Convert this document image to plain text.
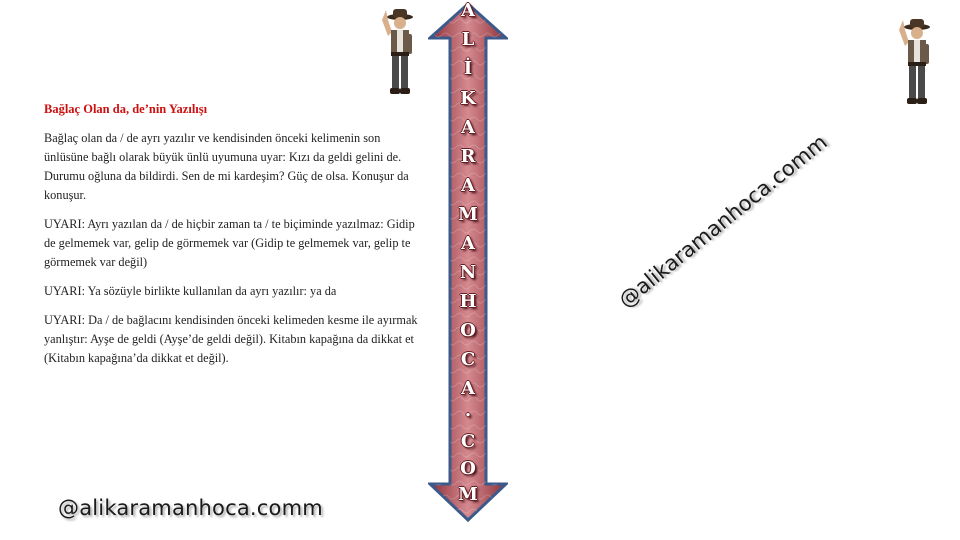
Bağlaç Olan da, de’nin Yazılışı

Bağlaç olan da / de ayrı yazılır ve kendisinden önceki kelimenin son ünlüsüne bağlı olarak büyük ünlü uyumuna uyar: Kızı da geldi gelini de. Durumu oğluna da bildirdi. Sen de mi kardeşim? Güç de olsa. Konuşur da konuşur.

UYARI: Ayrı yazılan da / de hiçbir zaman ta / te biçiminde yazılmaz: Gidip de gelmemek var, gelip de görmemek var (Gidip te gelmemek var, gelip te görmemek var değil)

UYARI: Ya sözüyle birlikte kullanılan da ayrı yazılır: ya da

UYARI: Da / de bağlacını kendisinden önceki kelimeden kesme ile ayırmak yanlıştır: Ayşe de geldi (Ayşe’de geldi değil). Kitabın kapağına da dikkat et (Kitabın kapağına’da dikkat et değil).

A
L
İ
K
A
R
A
M
A
N
H
O
C
A
.
C
O
M
@alikaramanhoca.comm
@alikaramanhoca.comm
